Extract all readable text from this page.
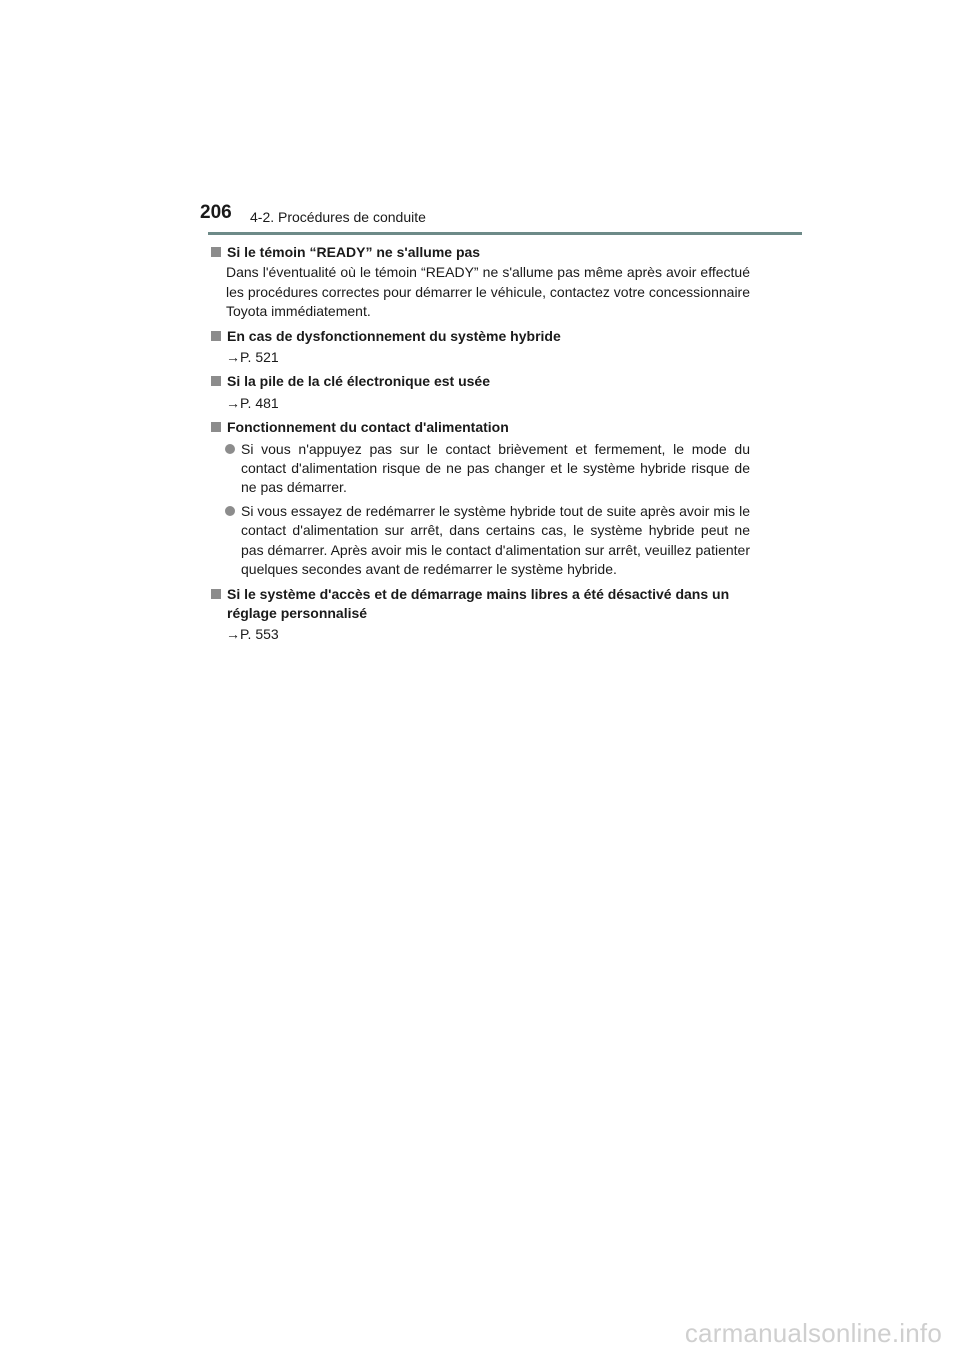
206 4-2. Procédures de conduite
Si le témoin “READY” ne s'allume pas
Dans l'éventualité où le témoin “READY” ne s'allume pas même après avoir effectué les procédures correctes pour démarrer le véhicule, contactez votre concessionnaire Toyota immédiatement.
En cas de dysfonctionnement du système hybride
→P. 521
Si la pile de la clé électronique est usée
→P. 481
Fonctionnement du contact d'alimentation
Si vous n'appuyez pas sur le contact brièvement et fermement, le mode du contact d'alimentation risque de ne pas changer et le système hybride risque de ne pas démarrer.
Si vous essayez de redémarrer le système hybride tout de suite après avoir mis le contact d'alimentation sur arrêt, dans certains cas, le système hybride peut ne pas démarrer. Après avoir mis le contact d'alimentation sur arrêt, veuillez patienter quelques secondes avant de redémarrer le système hybride.
Si le système d'accès et de démarrage mains libres a été désactivé dans un réglage personnalisé
→P. 553
carmanualsonline.info
